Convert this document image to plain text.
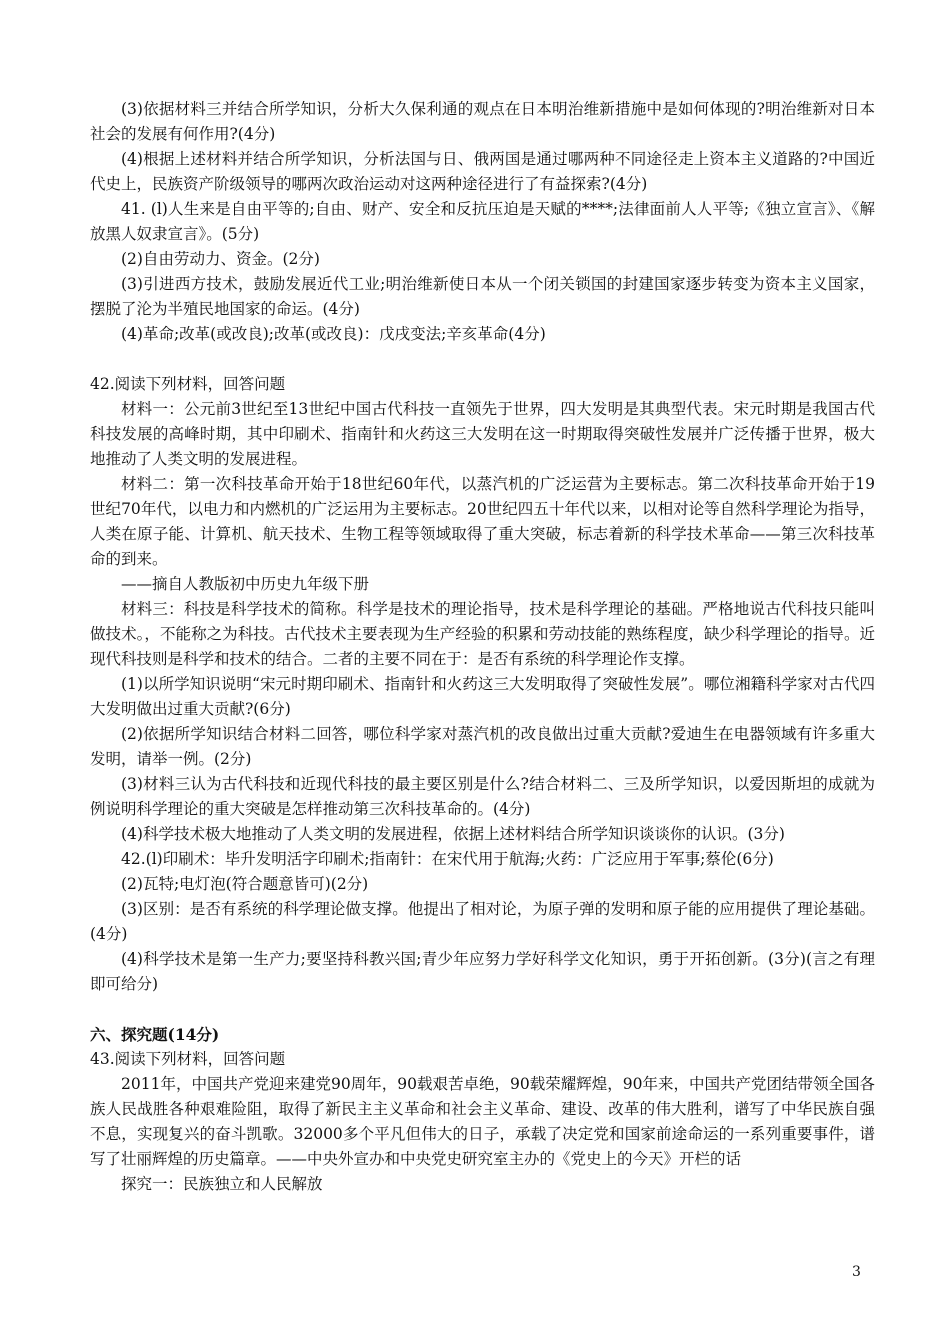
(3)依据材料三并结合所学知识，分析大久保利通的观点在日本明治维新措施中是如何体现的?明治维新对日本社会的发展有何作用?(4分)

(4)根据上述材料并结合所学知识，分析法国与日、俄两国是通过哪两种不同途径走上资本主义道路的?中国近代史上，民族资产阶级领导的哪两次政治运动对这两种途径进行了有益探索?(4分)

41. (l)人生来是自由平等的;自由、财产、安全和反抗压迫是天赋的****;法律面前人人平等;《独立宣言》、《解放黑人奴隶宣言》。(5分)

(2)自由劳动力、资金。(2分)

(3)引进西方技术，鼓励发展近代工业;明治维新使日本从一个闭关锁国的封建国家逐步转变为资本主义国家，摆脱了沦为半殖民地国家的命运。(4分)

(4)革命;改革(或改良);改革(或改良)：戊戌变法;辛亥革命(4分)

42.阅读下列材料，回答问题

材料一：公元前3世纪至13世纪中国古代科技一直领先于世界，四大发明是其典型代表。宋元时期是我国古代科技发展的高峰时期，其中印刷术、指南针和火药这三大发明在这一时期取得突破性发展并广泛传播于世界，极大地推动了人类文明的发展进程。

材料二：第一次科技革命开始于18世纪60年代，以蒸汽机的广泛运营为主要标志。第二次科技革命开始于19世纪70年代，以电力和内燃机的广泛运用为主要标志。20世纪四五十年代以来，以相对论等自然科学理论为指导，人类在原子能、计算机、航天技术、生物工程等领域取得了重大突破，标志着新的科学技术革命——第三次科技革命的到来。

——摘自人教版初中历史九年级下册

材料三：科技是科学技术的简称。科学是技术的理论指导，技术是科学理论的基础。严格地说古代科技只能叫做技术。，不能称之为科技。古代技术主要表现为生产经验的积累和劳动技能的熟练程度，缺少科学理论的指导。近现代科技则是科学和技术的结合。二者的主要不同在于：是否有系统的科学理论作支撑。

(1)以所学知识说明“宋元时期印刷术、指南针和火药这三大发明取得了突破性发展”。哪位湘籍科学家对古代四大发明做出过重大贡献?(6分)

(2)依据所学知识结合材料二回答，哪位科学家对蒸汽机的改良做出过重大贡献?爱迪生在电器领域有许多重大发明，请举一例。(2分)

(3)材料三认为古代科技和近现代科技的最主要区别是什么?结合材料二、三及所学知识，以爱因斯坦的成就为例说明科学理论的重大突破是怎样推动第三次科技革命的。(4分)

(4)科学技术极大地推动了人类文明的发展进程，依据上述材料结合所学知识谈谈你的认识。(3分)

42.(l)印刷术：毕升发明活字印刷术;指南针：在宋代用于航海;火药：广泛应用于军事;蔡伦(6分)

(2)瓦特;电灯泡(符合题意皆可)(2分)

(3)区别：是否有系统的科学理论做支撑。他提出了相对论，为原子弹的发明和原子能的应用提供了理论基础。(4分)

(4)科学技术是第一生产力;要坚持科教兴国;青少年应努力学好科学文化知识，勇于开拓创新。(3分)(言之有理即可给分)

六、探究题(14分)

43.阅读下列材料，回答问题

2011年，中国共产党迎来建党90周年，90载艰苦卓绝，90载荣耀辉煌，90年来，中国共产党团结带领全国各族人民战胜各种艰难险阻，取得了新民主主义革命和社会主义革命、建设、改革的伟大胜利，谱写了中华民族自强不息，实现复兴的奋斗凯歌。32000多个平凡但伟大的日子，承载了决定党和国家前途命运的一系列重要事件，谱写了壮丽辉煌的历史篇章。——中央外宣办和中央党史研究室主办的《党史上的今天》开栏的话

探究一：民族独立和人民解放

3
